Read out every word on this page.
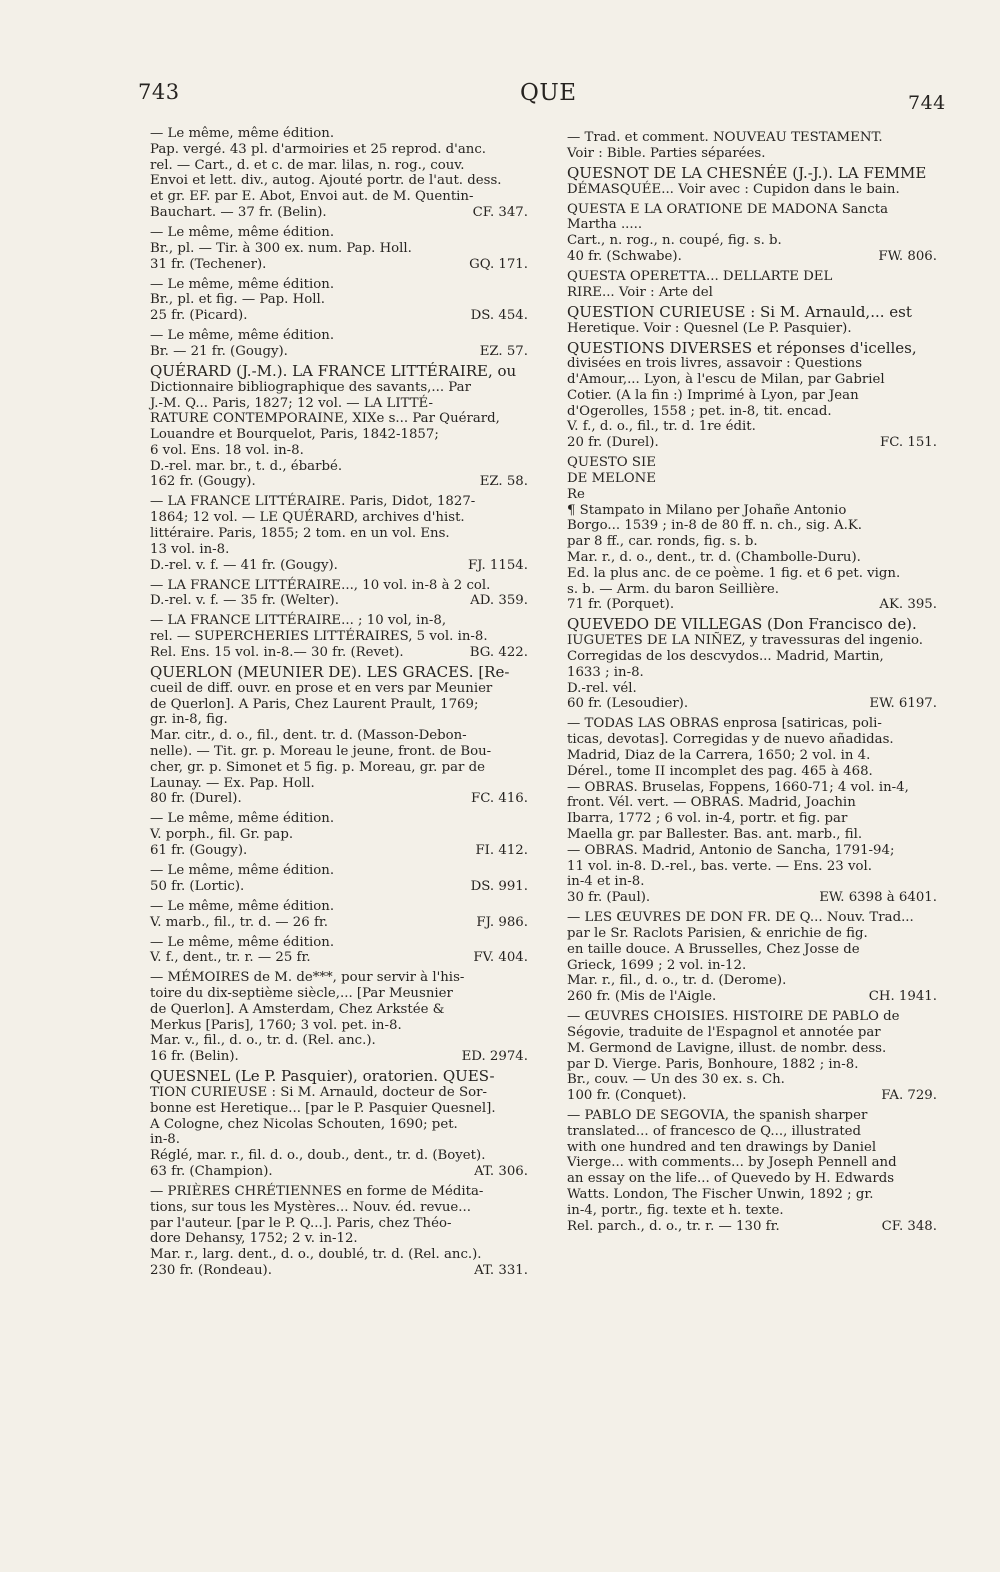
743	QUE	744
— Le même, même édition.
Pap. vergé. 43 pl. d'armoiries et 25 reprod. d'anc.
rel. — Cart., d. et c. de mar. lilas, n. rog., couv.
Envoi et lett. div., autog. Ajouté portr. de l'aut. dess.
et gr. EF. par E. Abot, Envoi aut. de M. Quentin-
Bauchart. — 37 fr. (Belin).	CF. 347.
— Le même, même édition.
Br., pl. — Tir. à 300 ex. num. Pap. Holl.
31 fr. (Techener).	GQ. 171.
— Le même, même édition.
Br., pl. et fig. — Pap. Holl.
25 fr. (Picard).	DS. 454.
— Le même, même édition.
Br. — 21 fr. (Gougy).	EZ. 57.
QUÉRARD (J.-M.). LA FRANCE LITTÉRAIRE, ou
Dictionnaire bibliographique des savants,... Par
J.-M. Q... Paris, 1827; 12 vol. — LA LITTÉ-
RATURE CONTEMPORAINE, XIXe s... Par Quérard,
Louandre et Bourquelot, Paris, 1842-1857;
6 vol. Ens. 18 vol. in-8.
D.-rel. mar. br., t. d., ébarbé.
162 fr. (Gougy).	EZ. 58.
— LA FRANCE LITTÉRAIRE. Paris, Didot, 1827-
1864; 12 vol. — LE QUÉRARD, archives d'hist.
littéraire. Paris, 1855; 2 tom. en un vol. Ens.
13 vol. in-8.
D.-rel. v. f. — 41 fr. (Gougy).	FJ. 1154.
— LA FRANCE LITTÉRAIRE..., 10 vol. in-8 à 2 col.
D.-rel. v. f. — 35 fr. (Welter).	AD. 359.
— LA FRANCE LITTÉRAIRE... ; 10 vol, in-8,
rel. — SUPERCHERIES LITTÉRAIRES, 5 vol. in-8.
Rel. Ens. 15 vol. in-8.— 30 fr. (Revet).	BG. 422.
QUERLON (MEUNIER DE). LES GRACES. [Re-
cueil de diff. ouvr. en prose et en vers par Meunier
de Querlon]. A Paris, Chez Laurent Prault, 1769;
gr. in-8, fig.
Mar. citr., d. o., fil., dent. tr. d. (Masson-Debon-
nelle). — Tit. gr. p. Moreau le jeune, front. de Bou-
cher, gr. p. Simonet et 5 fig. p. Moreau, gr. par de
Launay. — Ex. Pap. Holl.
80 fr. (Durel).	FC. 416.
— Le même, même édition.
V. porph., fil. Gr. pap.
61 fr. (Gougy).	FI. 412.
— Le même, même édition.
50 fr. (Lortic).	DS. 991.
— Le même, même édition.
V. marb., fil., tr. d. — 26 fr.	FJ. 986.
— Le même, même édition.
V. f., dent., tr. r. — 25 fr.	FV. 404.
— MÉMOIRES de M. de***, pour servir à l'his-
toire du dix-septième siècle,... [Par Meusnier
de Querlon]. A Amsterdam, Chez Arkstée &
Merkus [Paris], 1760; 3 vol. pet. in-8.
Mar. v., fil., d. o., tr. d. (Rel. anc.).
16 fr. (Belin).	ED. 2974.
QUESNEL (Le P. Pasquier), oratorien. QUES-
TION CURIEUSE : Si M. Arnauld, docteur de Sor-
bonne est Heretique... [par le P. Pasquier Quesnel].
A Cologne, chez Nicolas Schouten, 1690; pet.
in-8.
Réglé, mar. r., fil. d. o., doub., dent., tr. d. (Boyet).
63 fr. (Champion).	AT. 306.
— PRIÈRES CHRÉTIENNES en forme de Médita-
tions, sur tous les Mystères... Nouv. éd. revue...
par l'auteur. [par le P. Q...]. Paris, chez Théo-
dore Dehansy, 1752; 2 v. in-12.
Mar. r., larg. dent., d. o., doublé, tr. d. (Rel. anc.).
230 fr. (Rondeau).	AT. 331.
— Trad. et comment. NOUVEAU TESTAMENT.
Voir : Bible. Parties séparées.
QUESNOT DE LA CHESNÉE (J.-J.). LA FEMME
DÉMASQUÉE... Voir avec : Cupidon dans le bain.
QUESTA E LA ORATIONE DE MADONA Sancta
Martha .....
Cart., n. rog., n. coupé, fig. s. b.
40 fr. (Schwabe).	FW. 806.
QUESTA OPERETTA... DELLARTE DEL
RIRE... Voir : Arte del
QUESTION CURIEUSE : Si M. Arnauld,... est
Heretique. Voir : Quesnel (Le P. Pasquier).
QUESTIONS DIVERSES et réponses d'icelles,
divisées en trois livres, assavoir : Questions
d'Amour,... Lyon, à l'escu de Milan, par Gabriel
Cotier. (A la fin :) Imprimé à Lyon, par Jean
d'Ogerolles, 1558 ; pet. in-8, tit. encad.
V. f., d. o., fil., tr. d. 1re édit.
20 fr. (Durel).	FC. 151.
QUESTO SIE
DE MELONE
Re
¶ Stampato in Milano per Johañe Antonio
Borgo... 1539 ; in-8 de 80 ff. n. ch., sig. A.K.
par 8 ff., car. ronds, fig. s. b.
Mar. r., d. o., dent., tr. d. (Chambolle-Duru).
Ed. la plus anc. de ce poème. 1 fig. et 6 pet. vign.
s. b. — Arm. du baron Seillière.
71 fr. (Porquet).	AK. 395.
QUEVEDO DE VILLEGAS (Don Francisco de).
IUGUETES DE LA NIÑEZ, y travessuras del ingenio.
Corregidas de los descvydos... Madrid, Martin,
1633 ; in-8.
D.-rel. vél.
60 fr. (Lesoudier).	EW. 6197.
— TODAS LAS OBRAS enprosa [satiricas, poli-
ticas, devotas]. Corregidas y de nuevo añadidas.
Madrid, Diaz de la Carrera, 1650; 2 vol. in 4.
Dérel., tome II incomplet des pag. 465 à 468.
— OBRAS. Bruselas, Foppens, 1660-71; 4 vol. in-4,
front. Vél. vert. — OBRAS. Madrid, Joachin
Ibarra, 1772 ; 6 vol. in-4, portr. et fig. par
Maella gr. par Ballester. Bas. ant. marb., fil.
— OBRAS. Madrid, Antonio de Sancha, 1791-94;
11 vol. in-8. D.-rel., bas. verte. — Ens. 23 vol.
in-4 et in-8.
30 fr. (Paul).	EW. 6398 à 6401.
— LES ŒUVRES DE DON FR. DE Q... Nouv. Trad...
par le Sr. Raclots Parisien, & enrichie de fig.
en taille douce. A Brusselles, Chez Josse de
Grieck, 1699 ; 2 vol. in-12.
Mar. r., fil., d. o., tr. d. (Derome).
260 fr. (Mis de l'Aigle.	CH. 1941.
— ŒUVRES CHOISIES. HISTOIRE DE PABLO de
Ségovie, traduite de l'Espagnol et annotée par
M. Germond de Lavigne, illust. de nombr. dess.
par D. Vierge. Paris, Bonhoure, 1882 ; in-8.
Br., couv. — Un des 30 ex. s. Ch.
100 fr. (Conquet).	FA. 729.
— PABLO DE SEGOVIA, the spanish sharper
translated... of francesco de Q..., illustrated
with one hundred and ten drawings by Daniel
Vierge... with comments... by Joseph Pennell and
an essay on the life... of Quevedo by H. Edwards
Watts. London, The Fischer Unwin, 1892 ; gr.
in-4, portr., fig. texte et h. texte.
Rel. parch., d. o., tr. r. — 130 fr.	CF. 348.
